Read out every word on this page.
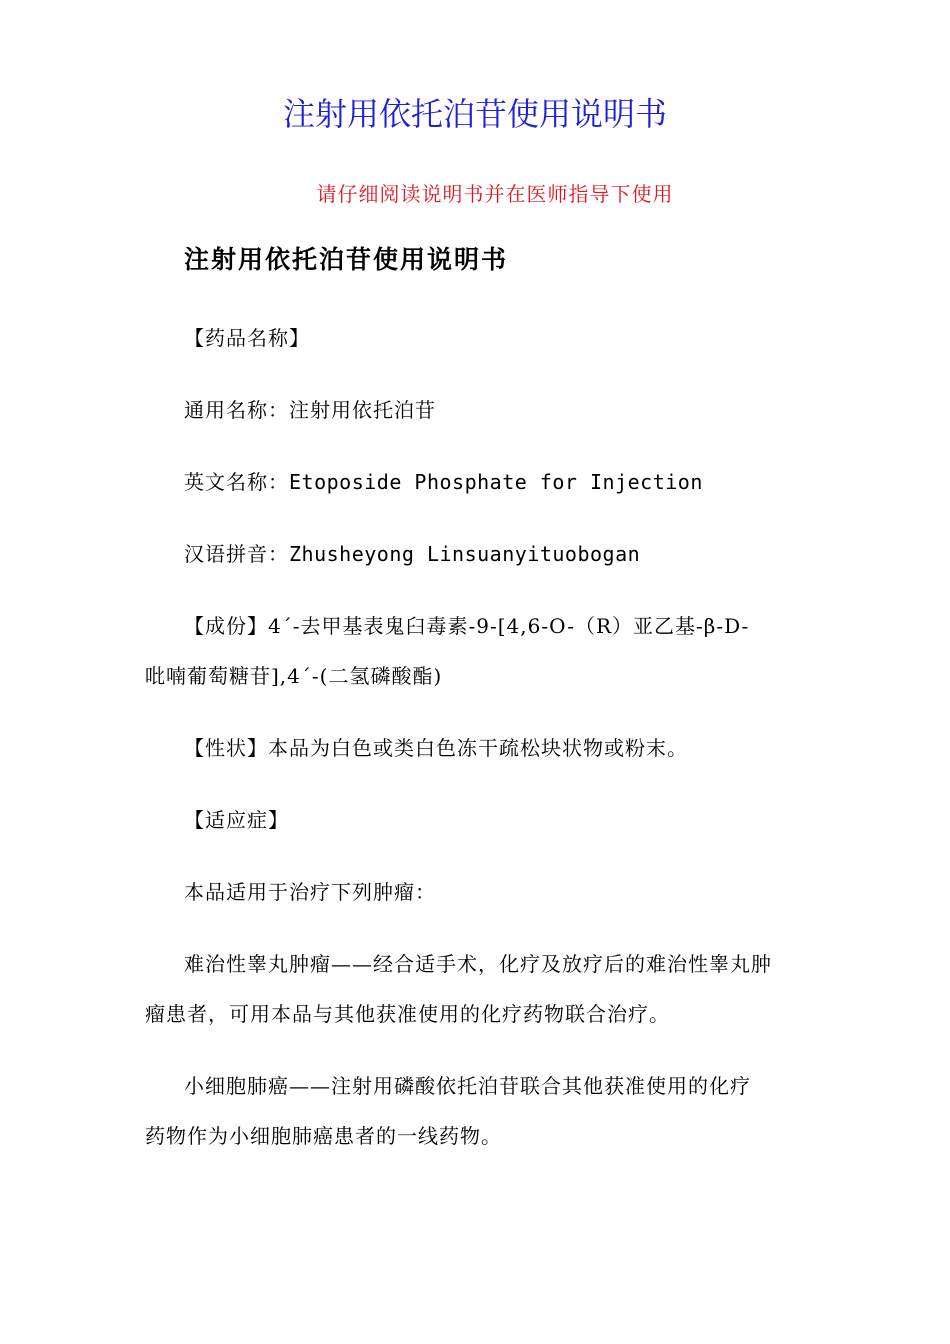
注射用依托泊苷使用说明书

请仔细阅读说明书并在医师指导下使用

注射用依托泊苷使用说明书

【药品名称】

通用名称：注射用依托泊苷

英文名称：Etoposide Phosphate for Injection

汉语拼音：Zhusheyong Linsuanyituobogan

【成份】4´-去甲基表鬼臼毒素-9-[4,6-O-（R）亚乙基-β-D-

吡喃葡萄糖苷],4´-(二氢磷酸酯)

【性状】本品为白色或类白色冻干疏松块状物或粉末。

【适应症】

本品适用于治疗下列肿瘤：

难治性睾丸肿瘤——经合适手术，化疗及放疗后的难治性睾丸肿

瘤患者，可用本品与其他获准使用的化疗药物联合治疗。

小细胞肺癌——注射用磷酸依托泊苷联合其他获准使用的化疗

药物作为小细胞肺癌患者的一线药物。
